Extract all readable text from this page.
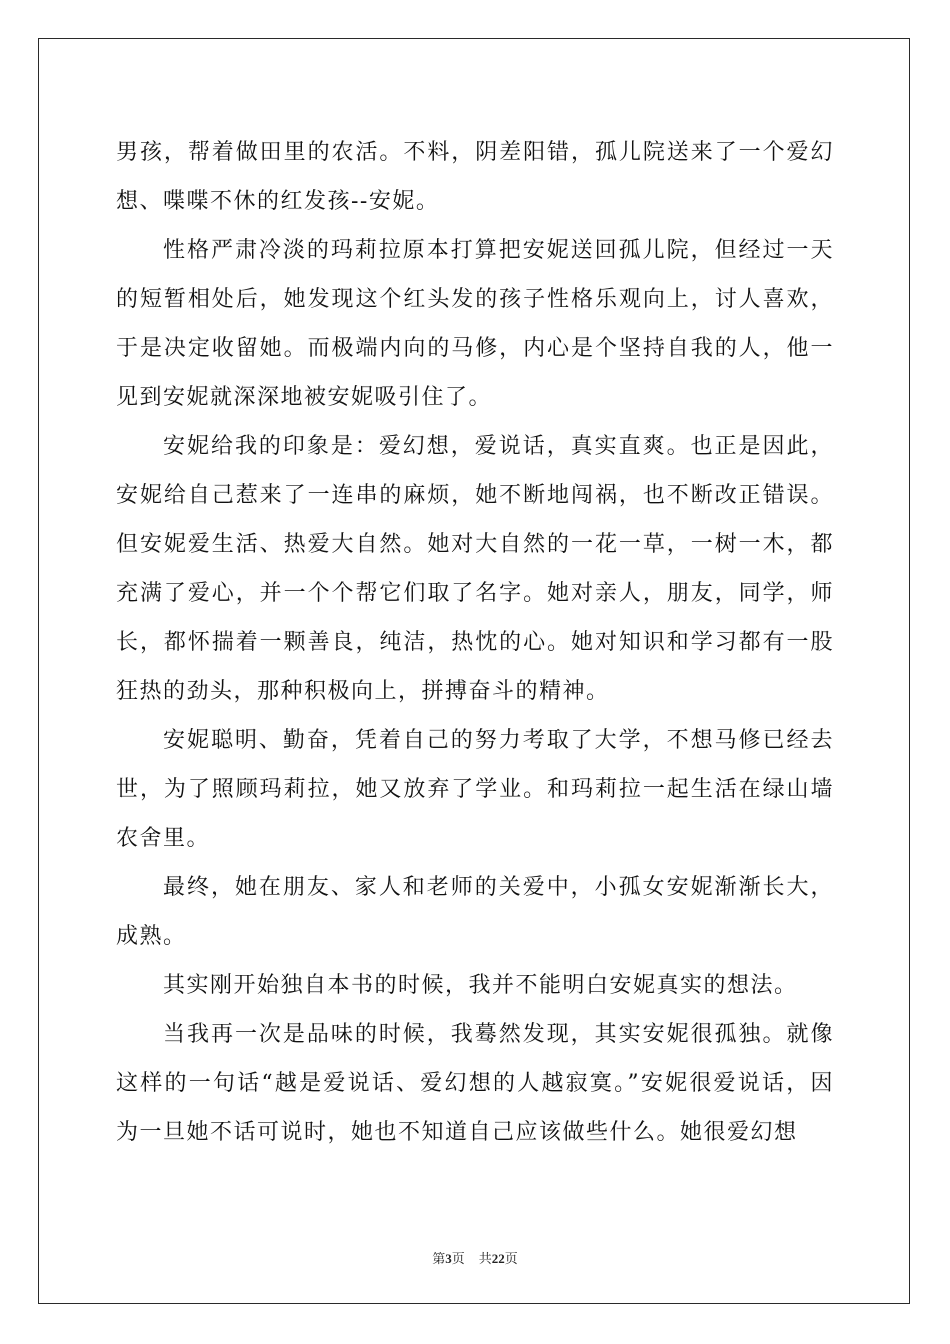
男孩，帮着做田里的农活。不料，阴差阳错，孤儿院送来了一个爱幻想、喋喋不休的红发孩--安妮。

性格严肃冷淡的玛莉拉原本打算把安妮送回孤儿院，但经过一天的短暂相处后，她发现这个红头发的孩子性格乐观向上，讨人喜欢，于是决定收留她。而极端内向的马修，内心是个坚持自我的人，他一见到安妮就深深地被安妮吸引住了。

安妮给我的印象是：爱幻想，爱说话，真实直爽。也正是因此，安妮给自己惹来了一连串的麻烦，她不断地闯祸，也不断改正错误。但安妮爱生活、热爱大自然。她对大自然的一花一草，一树一木，都充满了爱心，并一个个帮它们取了名字。她对亲人，朋友，同学，师长，都怀揣着一颗善良，纯洁，热忱的心。她对知识和学习都有一股狂热的劲头，那种积极向上，拼搏奋斗的精神。

安妮聪明、勤奋，凭着自己的努力考取了大学，不想马修已经去世，为了照顾玛莉拉，她又放弃了学业。和玛莉拉一起生活在绿山墙农舍里。

最终，她在朋友、家人和老师的关爱中，小孤女安妮渐渐长大，成熟。

其实刚开始独自本书的时候，我并不能明白安妮真实的想法。

当我再一次是品味的时候，我蓦然发现，其实安妮很孤独。就像这样的一句话“越是爱说话、爱幻想的人越寂寞。”安妮很爱说话，因为一旦她不话可说时，她也不知道自己应该做些什么。她很爱幻想

第3页 共22页
